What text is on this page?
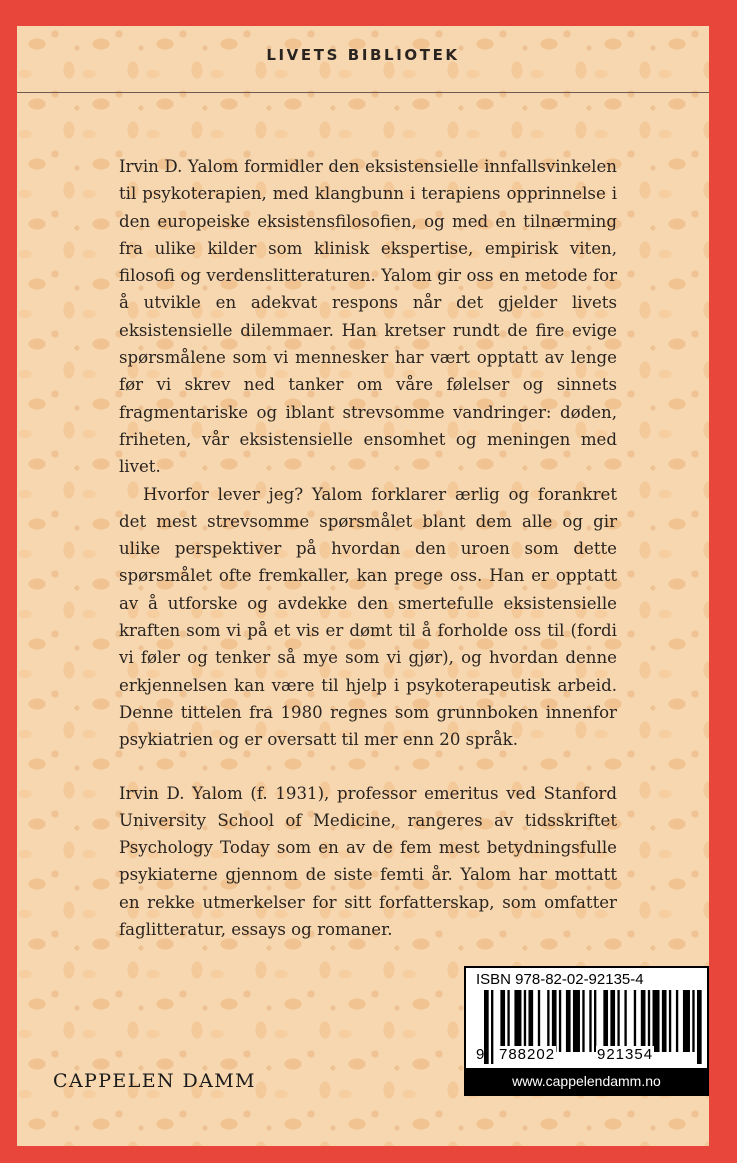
LIVETS BIBLIOTEK

Irvin D. Yalom formidler den eksistensielle innfallsvinkelen til psykoterapien, med klangbunn i terapiens opprinnelse i den europeiske eksistensfilosofien, og med en tilnærming fra ulike kilder som klinisk ekspertise, empirisk viten, filosofi og verdenslitteraturen. Yalom gir oss en metode for å utvikle en adekvat respons når det gjelder livets eksistensielle dilemmaer. Han kretser rundt de fire evige spørsmålene som vi mennesker har vært opptatt av lenge før vi skrev ned tanker om våre følelser og sinnets fragmentariske og iblant strevsomme vandringer: døden, friheten, vår eksistensielle ensomhet og meningen med livet.

Hvorfor lever jeg? Yalom forklarer ærlig og forankret det mest strevsomme spørsmålet blant dem alle og gir ulike perspektiver på hvordan den uroen som dette spørsmålet ofte fremkaller, kan prege oss. Han er opptatt av å utforske og avdekke den smertefulle eksistensielle kraften som vi på et vis er dømt til å forholde oss til (fordi vi føler og tenker så mye som vi gjør), og hvordan denne erkjennelsen kan være til hjelp i psykoterapeutisk arbeid. Denne tittelen fra 1980 regnes som grunnboken innenfor psykiatrien og er oversatt til mer enn 20 språk.

Irvin D. Yalom (f. 1931), professor emeritus ved Stanford University School of Medicine, rangeres av tidsskriftet Psychology Today som en av de fem mest betydningsfulle psykiaterne gjennom de siste femti år. Yalom har mottatt en rekke utmerkelser for sitt forfatterskap, som omfatter faglitteratur, essays og romaner.

CAPPELEN DAMM
ISBN 978-82-02-92135-4
9 788202	921354
www.cappelendamm.no
